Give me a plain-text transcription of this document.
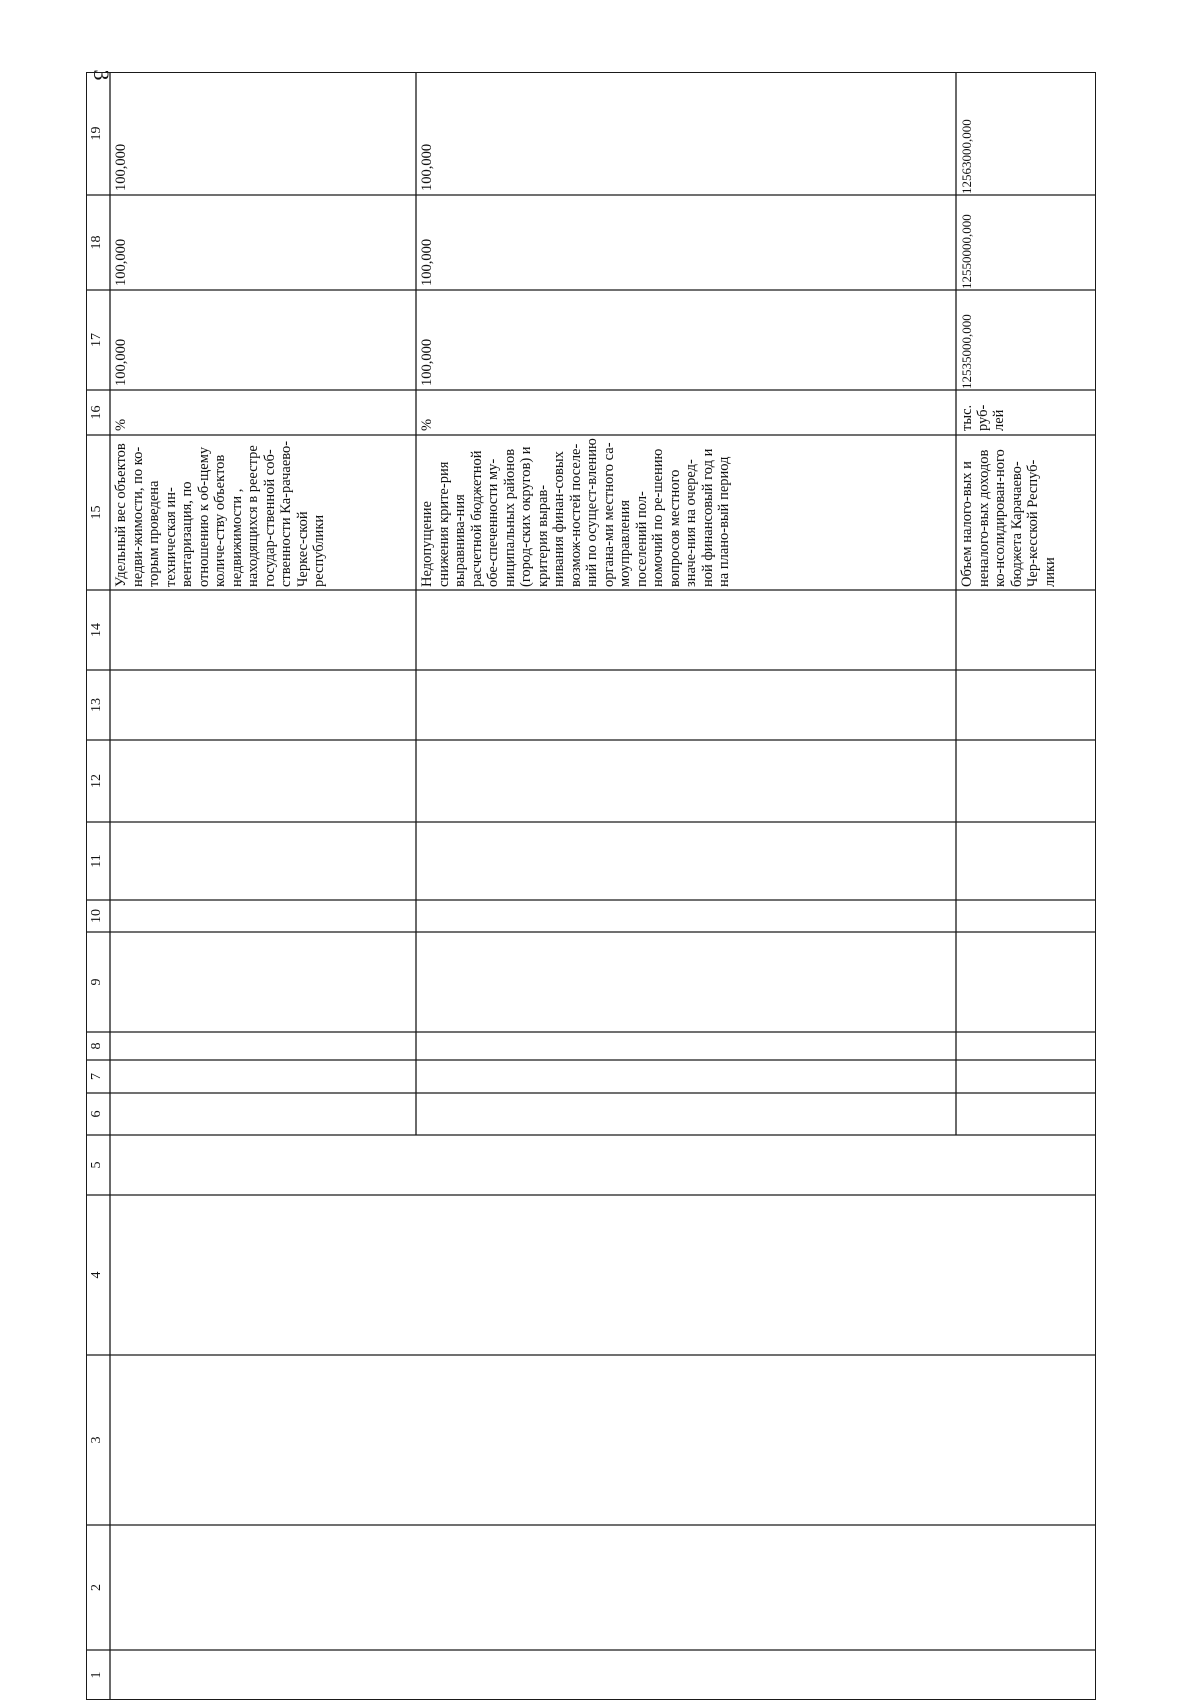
3
1
2
3
4
5
6
7
8
9
10
11
12
13
14
15
16
17
18
19
Удельный вес объектов недви-жимости, по ко-торым проведена техническая ин-вентаризация, по отношению к об-щему количе-ству объектов недвижимости , находящихся в реестре государ-ственной соб-ственности Ка-рачаево-Черкес-ской республики
%
100,000
100,000
100,000
Недопущение снижения крите-рия выравнива-ния расчетной бюджетной обе-спеченности му-ниципальных районов (город-ских округов) и критерия вырав-нивания финан-совых возмож-ностей поселе-ний по осущест-влению органа-ми местного са-моуправления поселений пол-номочий по ре-шению вопросов местного значе-ния на очеред-ной финансовый год и на плано-вый период
%
100,000
100,000
100,000
Объем налого-вых и неналого-вых доходов ко-нсолидирован-ного бюджета Карачаево-Чер-кесской Респуб-лики
тыс. руб-лей
12535000,000
12550000,000
12563000,000
